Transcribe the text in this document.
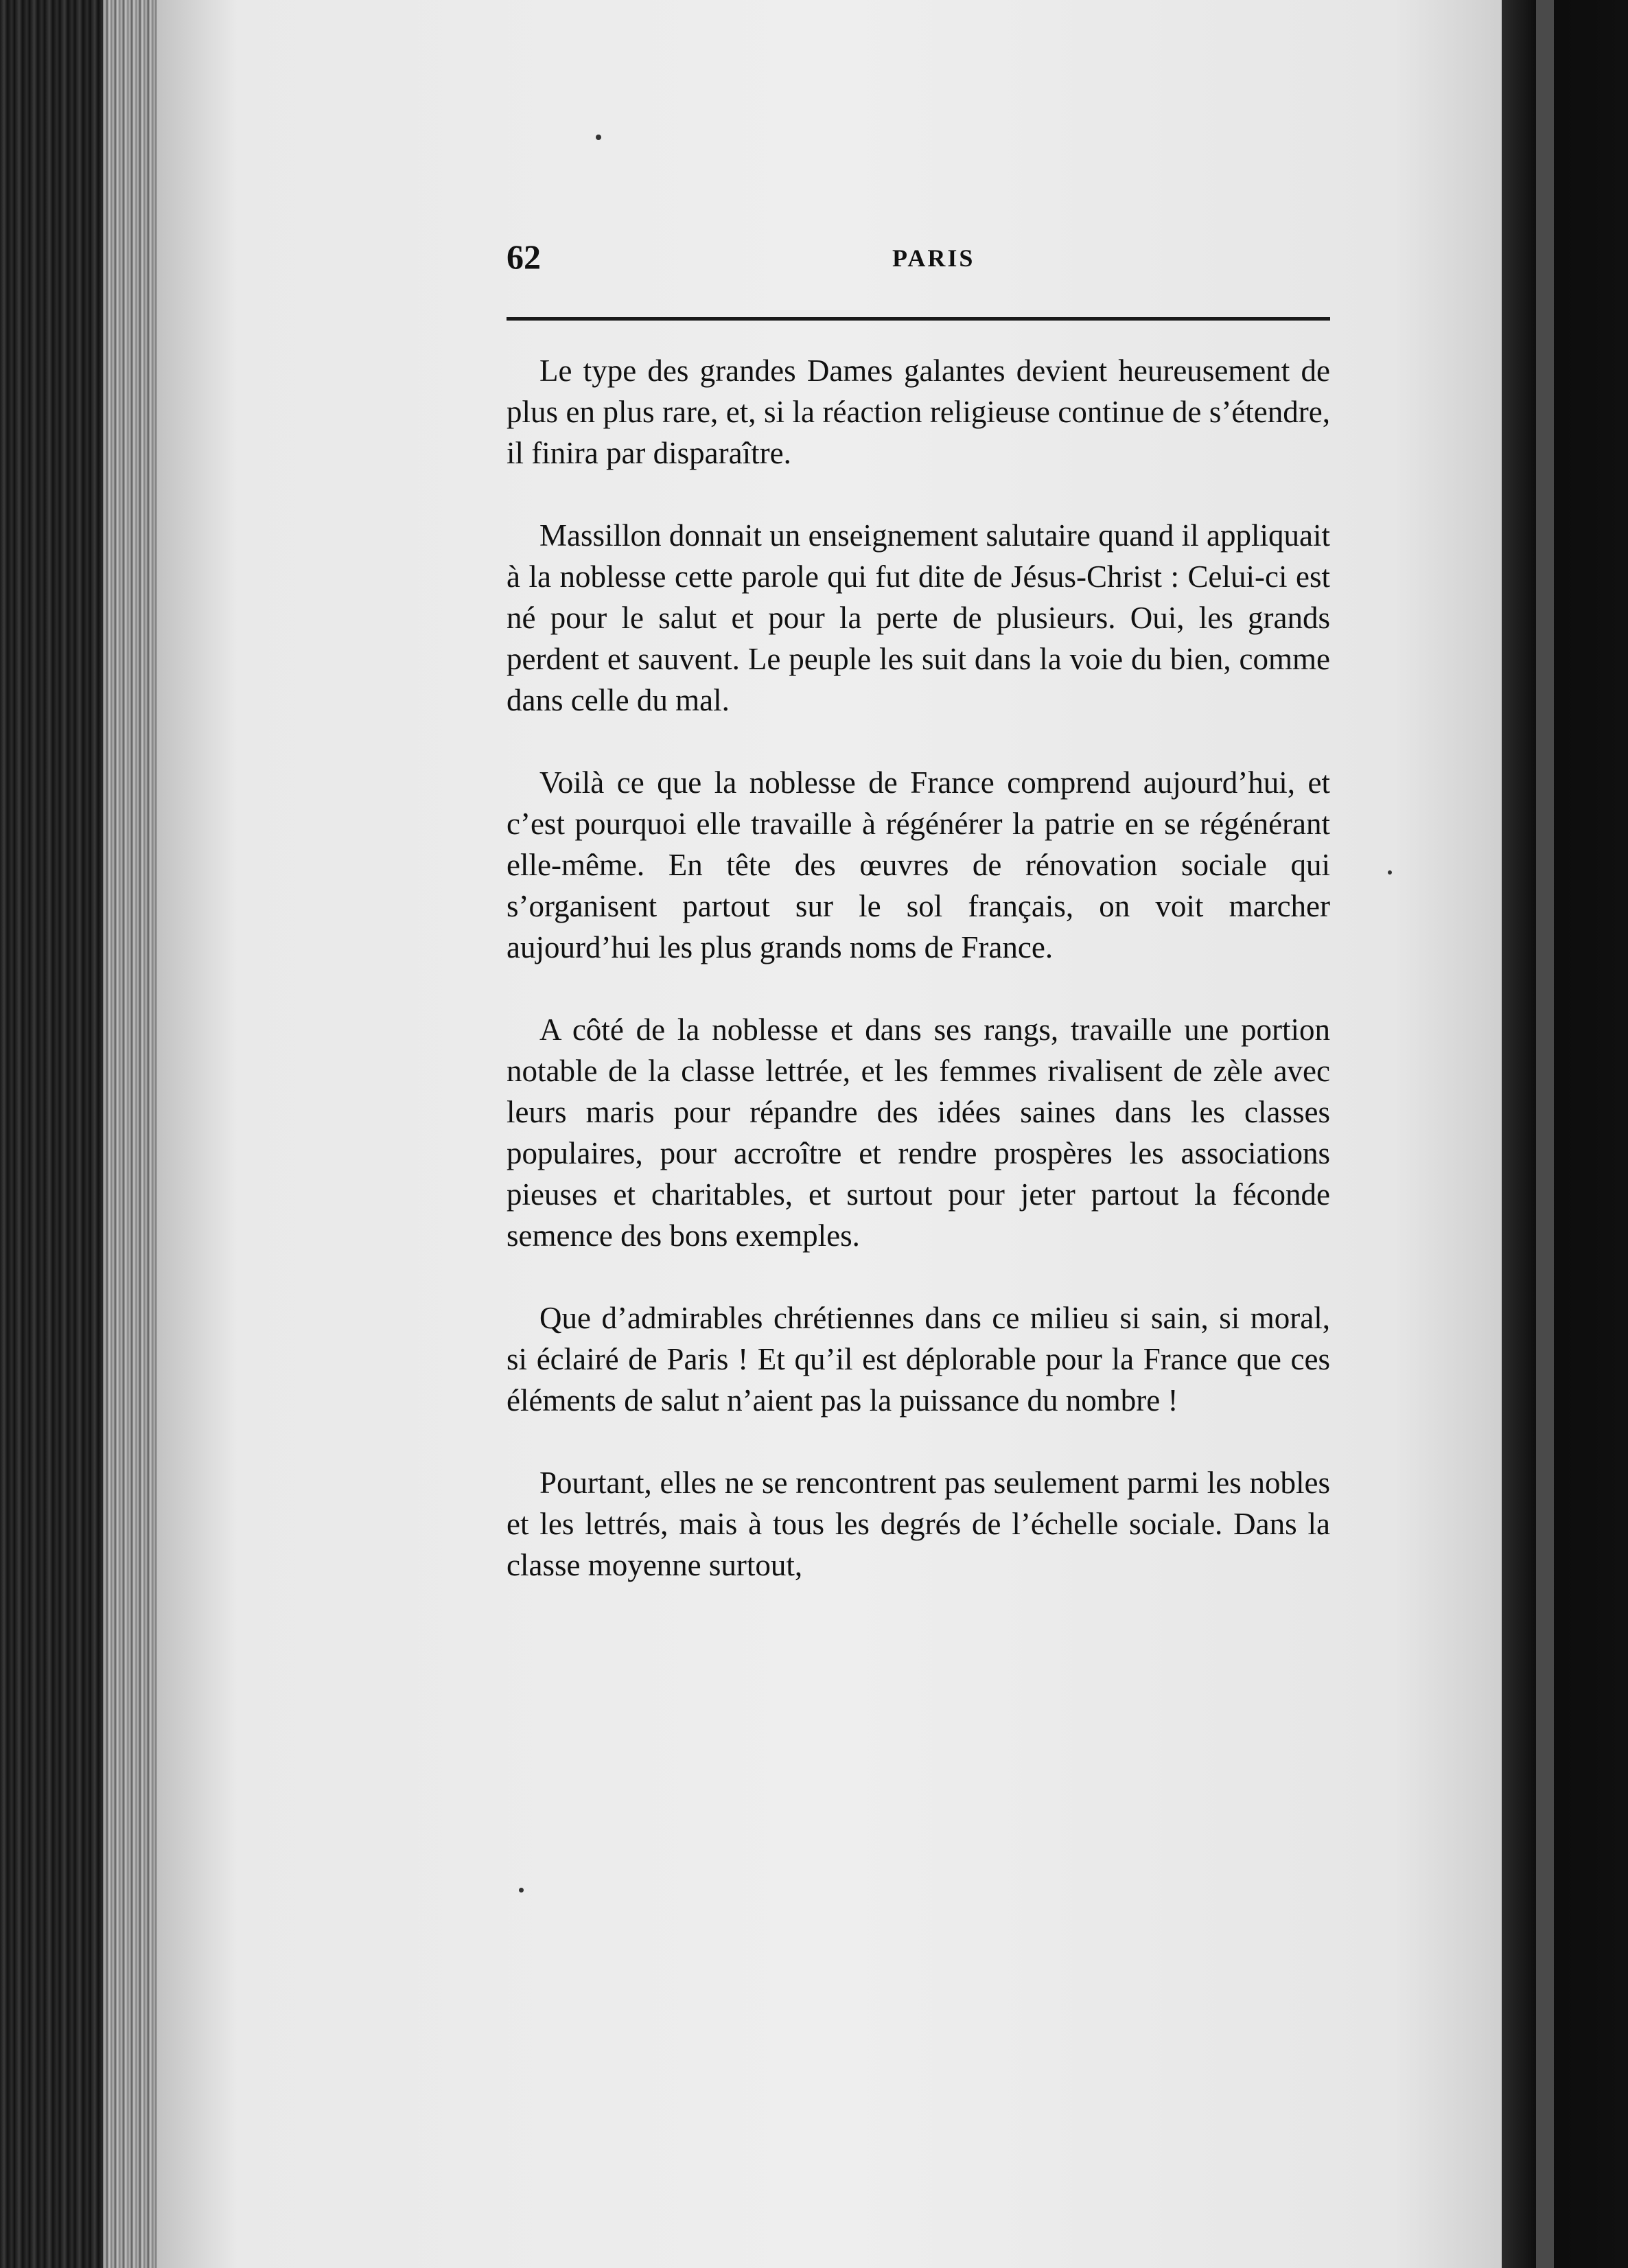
62	PARIS

Le type des grandes Dames galantes devient heureusement de plus en plus rare, et, si la réaction religieuse continue de s’étendre, il finira par disparaître.

Massillon donnait un enseignement salutaire quand il appliquait à la noblesse cette parole qui fut dite de Jésus-Christ : Celui-ci est né pour le salut et pour la perte de plusieurs. Oui, les grands perdent et sauvent. Le peuple les suit dans la voie du bien, comme dans celle du mal.

Voilà ce que la noblesse de France comprend aujourd’hui, et c’est pourquoi elle travaille à régénérer la patrie en se régénérant elle-même. En tête des œuvres de rénovation sociale qui s’organisent partout sur le sol français, on voit marcher aujourd’hui les plus grands noms de France.

A côté de la noblesse et dans ses rangs, travaille une portion notable de la classe lettrée, et les femmes rivalisent de zèle avec leurs maris pour répandre des idées saines dans les classes populaires, pour accroître et rendre prospères les associations pieuses et charitables, et surtout pour jeter partout la féconde semence des bons exemples.

Que d’admirables chrétiennes dans ce milieu si sain, si moral, si éclairé de Paris ! Et qu’il est déplorable pour la France que ces éléments de salut n’aient pas la puissance du nombre !

Pourtant, elles ne se rencontrent pas seulement parmi les nobles et les lettrés, mais à tous les degrés de l’échelle sociale. Dans la classe moyenne surtout,
